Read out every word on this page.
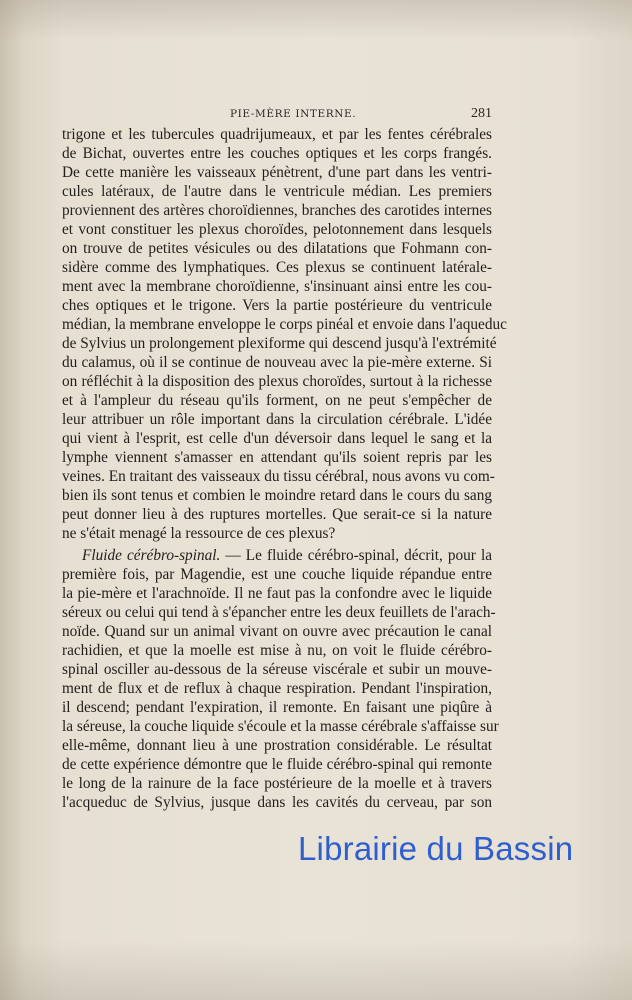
PIE-MÈRE INTERNE.	281
trigone et les tubercules quadrijumeaux, et par les fentes cérébrales
de Bichat, ouvertes entre les couches optiques et les corps frangés.
De cette manière les vaisseaux pénètrent, d'une part dans les ventri-
cules latéraux, de l'autre dans le ventricule médian. Les premiers
proviennent des artères choroïdiennes, branches des carotides internes
et vont constituer les plexus choroïdes, pelotonnement dans lesquels
on trouve de petites vésicules ou des dilatations que Fohmann con-
sidère comme des lymphatiques. Ces plexus se continuent latérale-
ment avec la membrane choroïdienne, s'insinuant ainsi entre les cou-
ches optiques et le trigone. Vers la partie postérieure du ventricule
médian, la membrane enveloppe le corps pinéal et envoie dans l'aqueduc
de Sylvius un prolongement plexiforme qui descend jusqu'à l'extrémité
du calamus, où il se continue de nouveau avec la pie-mère externe. Si
on réfléchit à la disposition des plexus choroïdes, surtout à la richesse
et à l'ampleur du réseau qu'ils forment, on ne peut s'empêcher de
leur attribuer un rôle important dans la circulation cérébrale. L'idée
qui vient à l'esprit, est celle d'un déversoir dans lequel le sang et la
lymphe viennent s'amasser en attendant qu'ils soient repris par les
veines. En traitant des vaisseaux du tissu cérébral, nous avons vu com-
bien ils sont tenus et combien le moindre retard dans le cours du sang
peut donner lieu à des ruptures mortelles. Que serait-ce si la nature
ne s'était menagé la ressource de ces plexus?
Fluide cérébro-spinal. — Le fluide cérébro-spinal, décrit, pour la
première fois, par Magendie, est une couche liquide répandue entre
la pie-mère et l'arachnoïde. Il ne faut pas la confondre avec le liquide
séreux ou celui qui tend à s'épancher entre les deux feuillets de l'arach-
noïde. Quand sur un animal vivant on ouvre avec précaution le canal
rachidien, et que la moelle est mise à nu, on voit le fluide cérébro-
spinal osciller au-dessous de la séreuse viscérale et subir un mouve-
ment de flux et de reflux à chaque respiration. Pendant l'inspiration,
il descend; pendant l'expiration, il remonte. En faisant une piqûre à
la séreuse, la couche liquide s'écoule et la masse cérébrale s'affaisse sur
elle-même, donnant lieu à une prostration considérable. Le résultat
de cette expérience démontre que le fluide cérébro-spinal qui remonte
le long de la rainure de la face postérieure de la moelle et à travers
l'acqueduc de Sylvius, jusque dans les cavités du cerveau, par son
Librairie du Bassin
